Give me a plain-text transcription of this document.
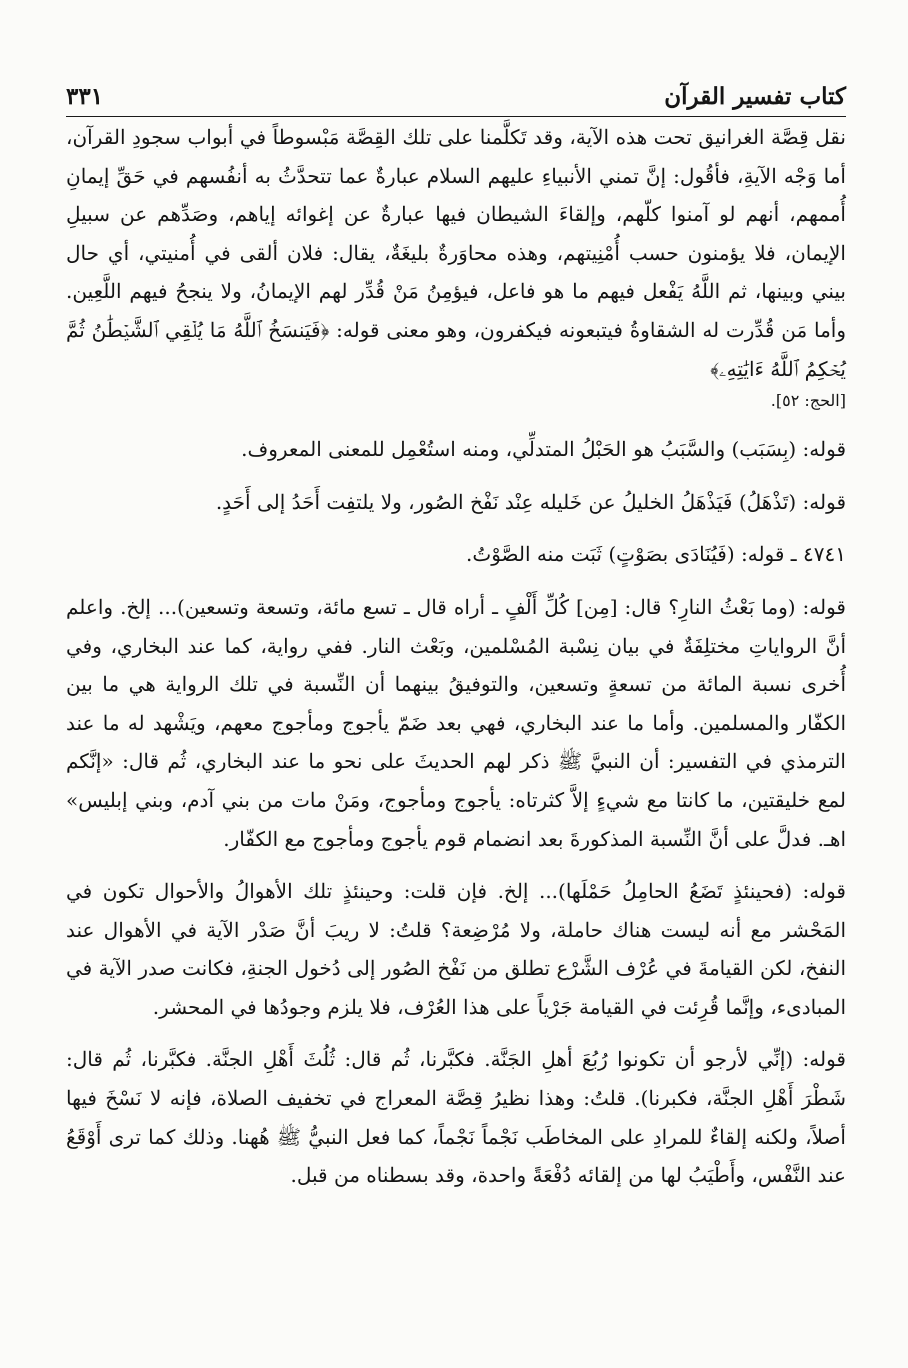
كتاب تفسير القرآن
٣٣١

نقل قِصَّة الغرانيق تحت هذه الآية، وقد تَكلَّمنا على تلك القِصَّة مَبْسوطاً في أبواب سجودِ القرآن، أما وَجْه الآيةِ، فأقُول: إنَّ تمني الأنبياءِ عليهم السلام عبارةٌ عما تتحدَّثُ به أنفُسهم في حَقِّ إيمانِ أُممهم، أنهم لو آمنوا كلّهم، وإلقاءَ الشيطان فيها عبارةٌ عن إغوائه إياهم، وصَدِّهم عن سبيلِ الإيمان، فلا يؤمنون حسب أُمْنِيتهم، وهذه محاوَرةٌ بليغَةٌ، يقال: فلان ألقى في أُمنيتي، أي حال بيني وبينها، ثم اللَّهُ يَفْعل فيهم ما هو فاعل، فيؤمِنُ مَنْ قُدِّر لهم الإيمانُ، ولا ينجحُ فيهم اللَّعِين. وأما مَن قُدِّرت له الشقاوةُ فيتبعونه فيكفرون، وهو معنى قوله: ﴿فَيَنسَخُ ٱللَّهُ مَا يُلۡقِي ٱلشَّيۡطَٰنُ ثُمَّ يُحۡكِمُ ٱللَّهُ ءَايَٰتِهِۦ﴾

[الحج: ٥٢].

قوله: (بِسَبَب) والسَّبَبُ هو الحَبْلُ المتدلِّي، ومنه استُعْمِل للمعنى المعروف.

قوله: (تَذْهَلُ) فَيَذْهَلُ الخليلُ عن خَليله عِنْد نَفْخ الصُور، ولا يلتفِت أَحَدُ إلى أَحَدٍ.

٤٧٤١ ـ قوله: (فَيُنَادَى بصَوْتٍ) ثَبَت منه الصَّوْتُ.

قوله: (وما بَعْثُ النارِ؟ قال: [مِن] كُلِّ أَلْفٍ ـ أراه قال ـ تسع مائة، وتسعة وتسعين)... إلخ. واعلم أنَّ الرواياتِ مختلِفَةٌ في بيان نِسْبة المُسْلمين، وبَعْث النار. ففي رواية، كما عند البخاري، وفي أُخرى نسبة المائة من تسعةٍ وتسعين، والتوفيقُ بينهما أن النِّسبة في تلك الرواية هي ما بين الكفّار والمسلمين. وأما ما عند البخاري، فهي بعد ضَمّ يأجوج ومأجوج معهم، ويَشْهد له ما عند الترمذي في التفسير: أن النبيَّ ﷺ ذكر لهم الحديثَ على نحو ما عند البخاري، ثُم قال: «إنَّكم لمع خليقتين، ما كانتا مع شيءٍ إلاَّ كثرتاه: يأجوج ومأجوج، ومَنْ مات من بني آدم، وبني إبليس» اهـ. فدلَّ على أنَّ النِّسبة المذكورةَ بعد انضمام قوم يأجوج ومأجوج مع الكفّار.

قوله: (فحينئذٍ تَضَعُ الحامِلُ حَمْلَها)... إلخ. فإن قلت: وحينئذٍ تلك الأهوالُ والأحوال تكون في المَحْشر مع أنه ليست هناك حاملة، ولا مُرْضِعة؟ قلتُ: لا ريبَ أنَّ صَدْر الآية في الأهوال عند النفخ، لكن القيامةَ في عُرْف الشَّرْع تطلق من نَفْخ الصُور إلى دُخول الجنةِ، فكانت صدر الآية في المبادىء، وإنَّما قُرِئت في القيامة جَرْياً على هذا العُرْف، فلا يلزم وجودُها في المحشر.

قوله: (إنِّي لأرجو أن تكونوا رُبُعَ أهلِ الجَنَّة. فكبَّرنا، ثُم قال: ثُلُثَ أَهْلِ الجنَّة. فكبَّرنا، ثُم قال: شَطْرَ أَهْلِ الجنَّة، فكبرنا). قلتُ: وهذا نظيرُ قِصَّة المعراج في تخفيف الصلاة، فإنه لا نَسْخَ فيها أصلاً، ولكنه إلقاءٌ للمرادِ على المخاطَب نَجْماً نَجْماً، كما فعل النبيُّ ﷺ هُهنا. وذلك كما ترى أَوْقَعُ عند النَّفْس، وأَطْيَبُ لها من إلقائه دُفْعَةً واحدة، وقد بسطناه من قبل.
